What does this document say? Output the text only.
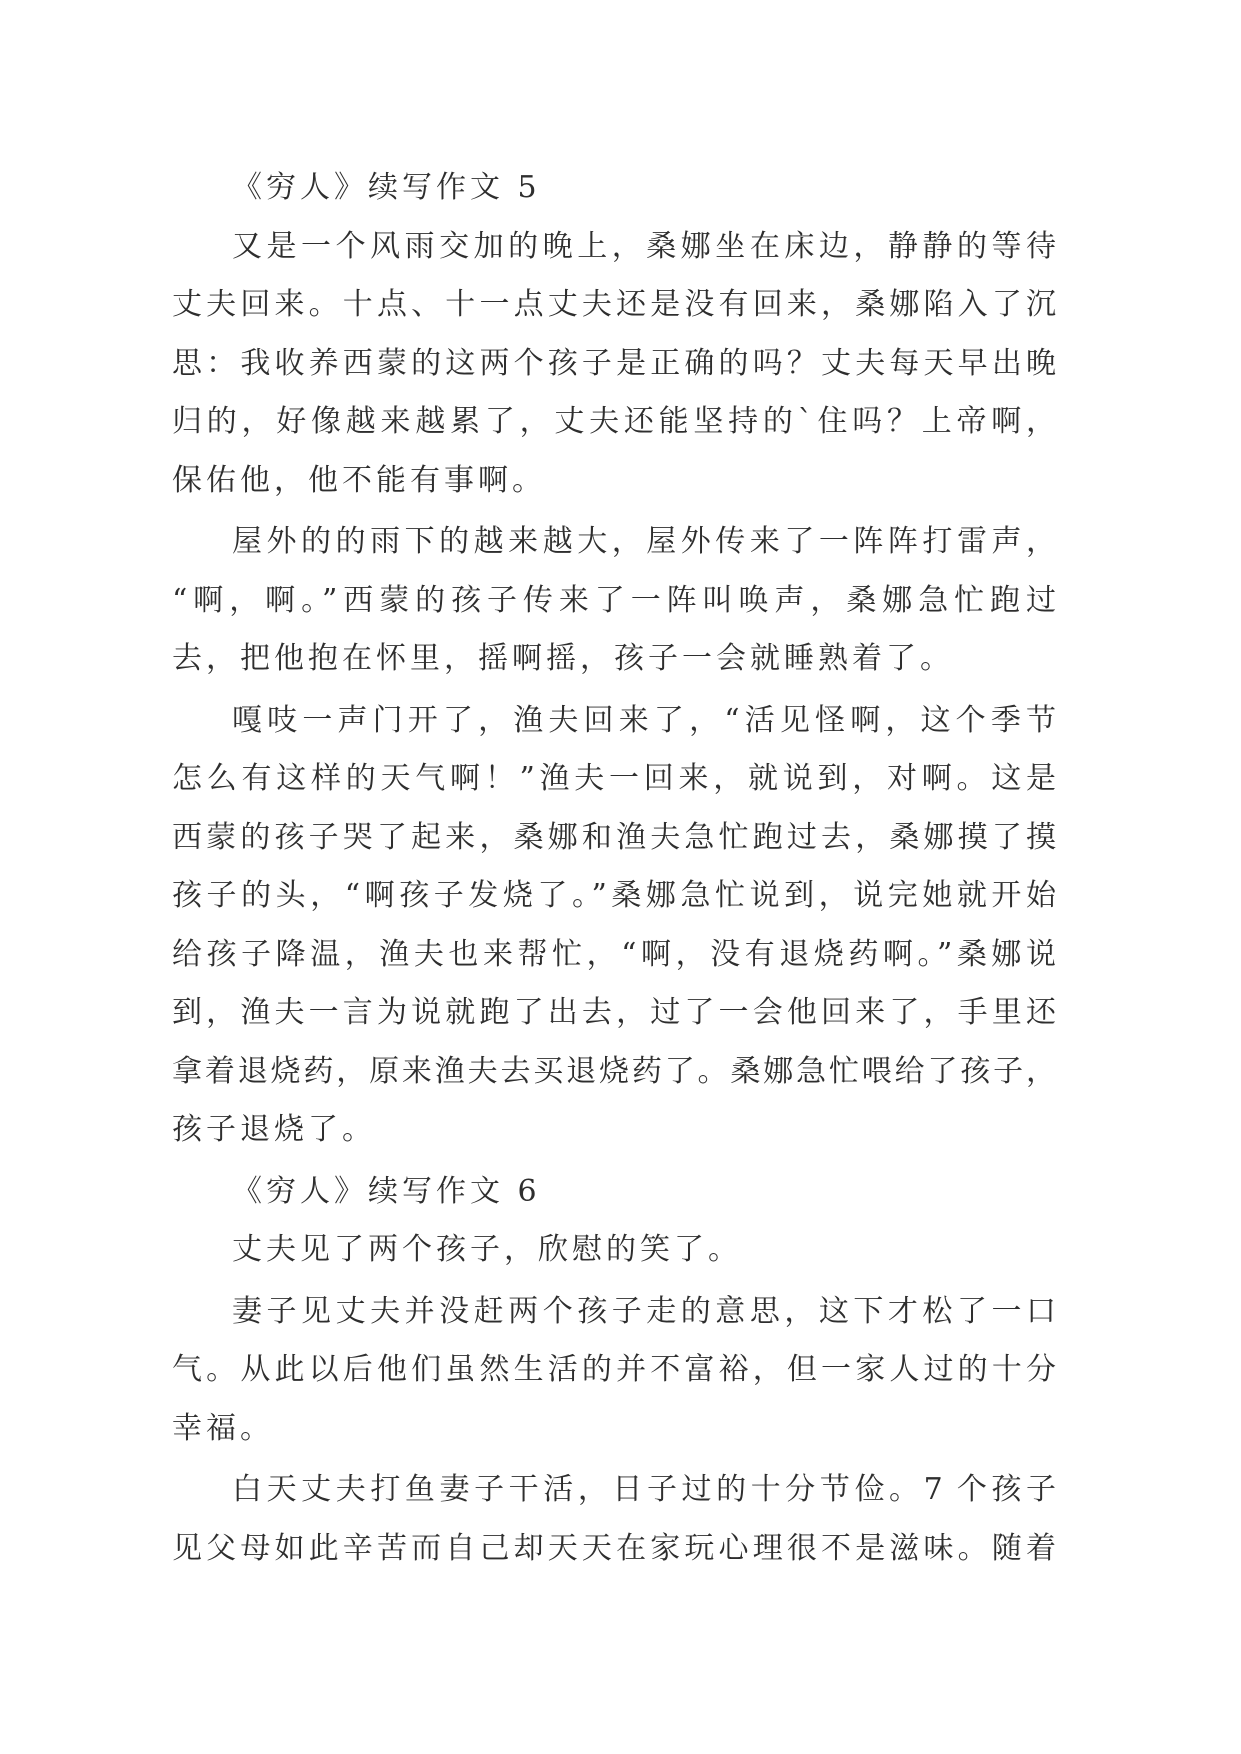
《穷人》续写作文 5
又是一个风雨交加的晚上，桑娜坐在床边，静静的等待
丈夫回来。十点、十一点丈夫还是没有回来，桑娜陷入了沉
思：我收养西蒙的这两个孩子是正确的吗？丈夫每天早出晚
归的，好像越来越累了，丈夫还能坚持的`住吗？上帝啊，
保佑他，他不能有事啊。
屋外的的雨下的越来越大，屋外传来了一阵阵打雷声，
“啊，啊。”西蒙的孩子传来了一阵叫唤声，桑娜急忙跑过
去，把他抱在怀里，摇啊摇，孩子一会就睡熟着了。
嘎吱一声门开了，渔夫回来了，“活见怪啊，这个季节
怎么有这样的天气啊！”渔夫一回来，就说到，对啊。这是
西蒙的孩子哭了起来，桑娜和渔夫急忙跑过去，桑娜摸了摸
孩子的头，“啊孩子发烧了。”桑娜急忙说到，说完她就开始
给孩子降温，渔夫也来帮忙，“啊，没有退烧药啊。”桑娜说
到，渔夫一言为说就跑了出去，过了一会他回来了，手里还
拿着退烧药，原来渔夫去买退烧药了。桑娜急忙喂给了孩子，
孩子退烧了。
《穷人》续写作文 6
丈夫见了两个孩子，欣慰的笑了。
妻子见丈夫并没赶两个孩子走的意思，这下才松了一口
气。从此以后他们虽然生活的并不富裕，但一家人过的十分
幸福。
白天丈夫打鱼妻子干活，日子过的十分节俭。7 个孩子
见父母如此辛苦而自己却天天在家玩心理很不是滋味。随着
